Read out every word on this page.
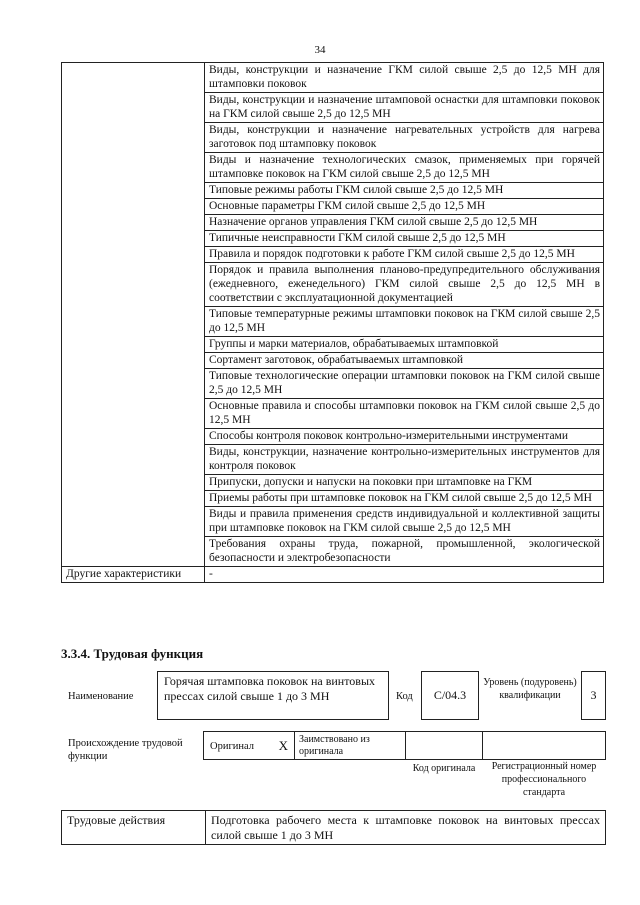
34
	Виды, конструкции и назначение ГКМ силой свыше 2,5 до 12,5 МН для штамповки поковок
	Виды, конструкции и назначение штамповой оснастки для штамповки поковок на ГКМ силой свыше 2,5 до 12,5 МН
	Виды, конструкции и назначение нагревательных устройств для нагрева заготовок под штамповку поковок
	Виды и назначение технологических смазок, применяемых при горячей штамповке поковок на ГКМ силой свыше 2,5 до 12,5 МН
	Типовые режимы работы ГКМ силой свыше 2,5 до 12,5 МН
	Основные параметры ГКМ силой свыше 2,5 до 12,5 МН
	Назначение органов управления ГКМ силой свыше 2,5 до 12,5 МН
	Типичные неисправности ГКМ силой свыше 2,5 до 12,5 МН
	Правила и порядок подготовки к работе ГКМ силой свыше 2,5 до 12,5 МН
	Порядок и правила выполнения планово-предупредительного обслуживания (ежедневного, еженедельного) ГКМ силой свыше 2,5 до 12,5 МН в соответствии с эксплуатационной документацией
	Типовые температурные режимы штамповки поковок на ГКМ силой свыше 2,5 до 12,5 МН
	Группы и марки материалов, обрабатываемых штамповкой
	Сортамент заготовок, обрабатываемых штамповкой
	Типовые технологические операции штамповки поковок на ГКМ силой свыше 2,5 до 12,5 МН
	Основные правила и способы штамповки поковок на ГКМ силой свыше 2,5 до 12,5 МН
	Способы контроля поковок контрольно-измерительными инструментами
	Виды, конструкции, назначение контрольно-измерительных инструментов для контроля поковок
	Припуски, допуски и напуски на поковки при штамповке на ГКМ
	Приемы работы при штамповке поковок на ГКМ силой свыше 2,5 до 12,5 МН
	Виды и правила применения средств индивидуальной и коллективной защиты при штамповке поковок на ГКМ силой свыше 2,5 до 12,5 МН
	Требования охраны труда, пожарной, промышленной, экологической безопасности и электробезопасности
Другие характеристики	-
3.3.4. Трудовая функция
Наименование
Горячая штамповка поковок на винтовых прессах силой свыше 1 до 3 МН	Код	C/04.3
Уровень (подуровень) квалификации	3
Происхождение трудовой функции
Оригинал X Заимствовано из оригинала
Код оригинала	Регистрационный номер профессионального стандарта
Трудовые действия	Подготовка рабочего места к штамповке поковок на винтовых прессах силой свыше 1 до 3 МН
